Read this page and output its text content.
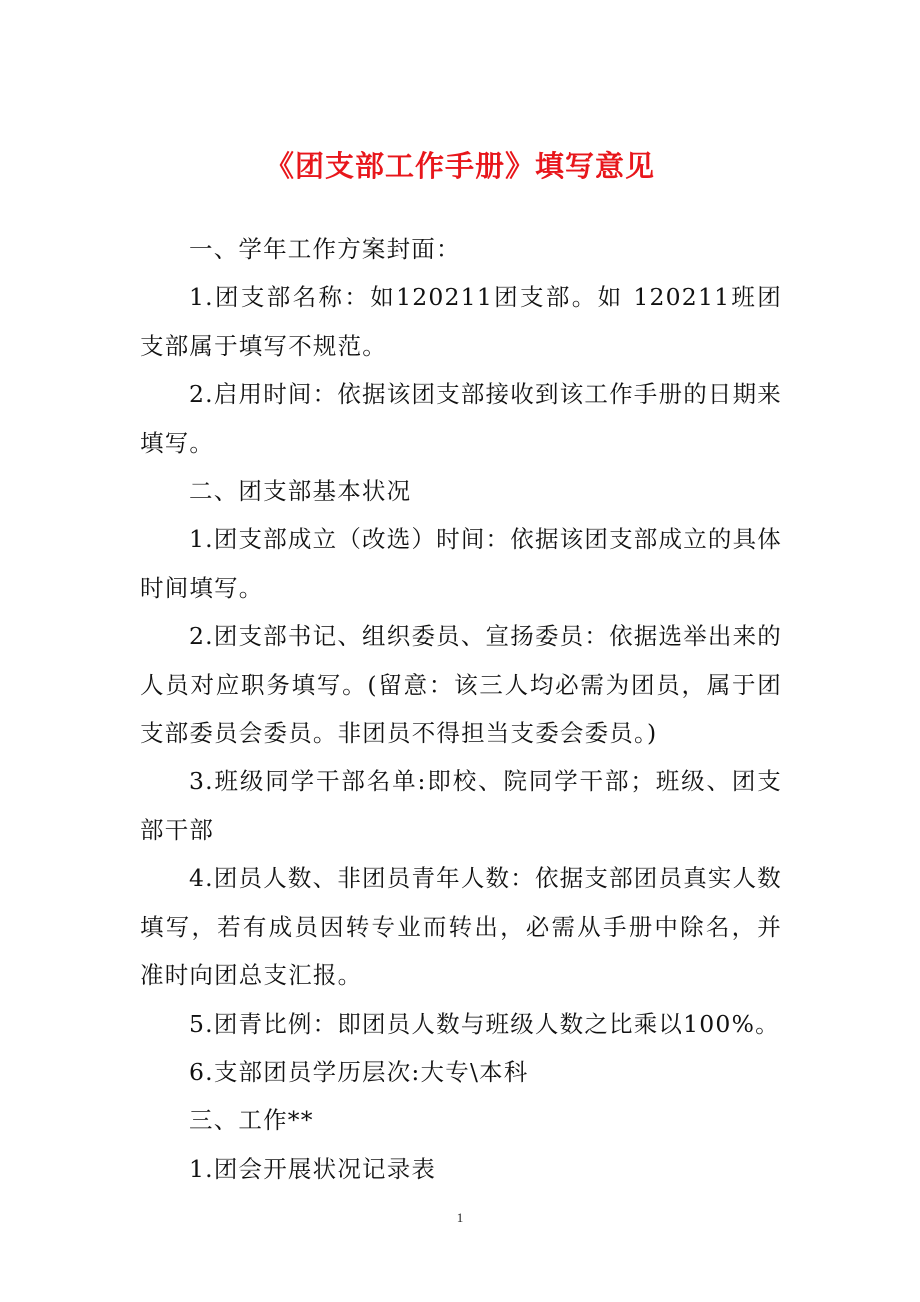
《团支部工作手册》填写意见

一、学年工作方案封面：

1.团支部名称：如120211团支部。如 120211班团支部属于填写不规范。

2.启用时间：依据该团支部接收到该工作手册的日期来填写。

二、团支部基本状况

1.团支部成立（改选）时间：依据该团支部成立的具体时间填写。

2.团支部书记、组织委员、宣扬委员：依据选举出来的人员对应职务填写。(留意：该三人均必需为团员，属于团支部委员会委员。非团员不得担当支委会委员。)

3.班级同学干部名单:即校、院同学干部；班级、团支部干部

4.团员人数、非团员青年人数：依据支部团员真实人数填写，若有成员因转专业而转出，必需从手册中除名，并准时向团总支汇报。

5.团青比例：即团员人数与班级人数之比乘以100%。

6.支部团员学历层次:大专\本科

三、工作**

1.团会开展状况记录表

1
